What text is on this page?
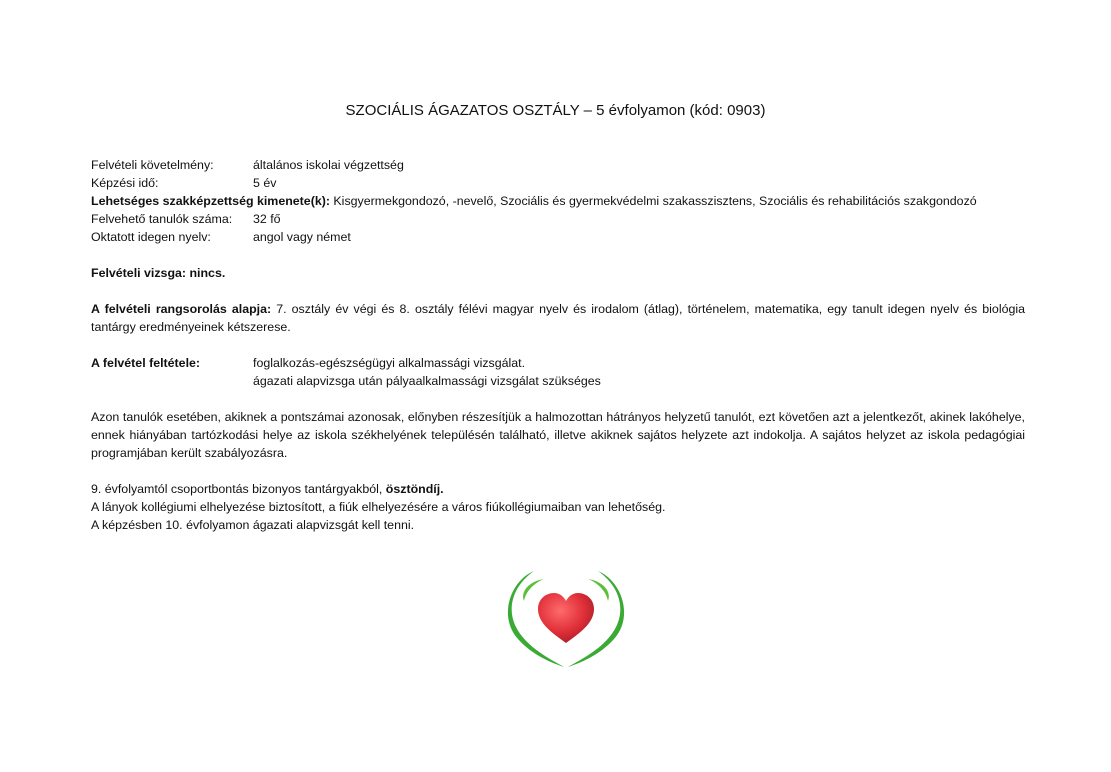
SZOCIÁLIS ÁGAZATOS OSZTÁLY – 5 évfolyamon (kód: 0903)
Felvételi követelmény:	általános iskolai végzettség
Képzési idő:	5 év
Lehetséges szakképzettség kimenete(k):
Kisgyermekgondozó, -nevelő, Szociális és gyermekvédelmi szakasszisztens, Szociális és rehabilitációs szakgondozó
Felvehető tanulók száma:	32 fő
Oktatott idegen nyelv:	angol vagy német
Felvételi vizsga: nincs.
A felvételi rangsorolás alapja: 7. osztály év végi és 8. osztály félévi magyar nyelv és irodalom (átlag), történelem, matematika, egy tanult idegen nyelv és biológia tantárgy eredményeinek kétszerese.
A felvétel feltétele:	foglalkozás-egészségügyi alkalmassági vizsgálat.
ágazati alapvizsga után pályaalkalmassági vizsgálat szükséges
Azon tanulók esetében, akiknek a pontszámai azonosak, előnyben részesítjük a halmozottan hátrányos helyzetű tanulót, ezt követően azt a jelentkezőt, akinek lakóhelye, ennek hiányában tartózkodási helye az iskola székhelyének településén található, illetve akiknek sajátos helyzete azt indokolja. A sajátos helyzet az iskola pedagógiai programjában került szabályozásra.
9. évfolyamtól csoportbontás bizonyos tantárgyakból, ösztöndíj.
A lányok kollégiumi elhelyezése biztosított, a fiúk elhelyezésére a város fiúkollégiumaiban van lehetőség.
A képzésben 10. évfolyamon ágazati alapvizsgát kell tenni.
